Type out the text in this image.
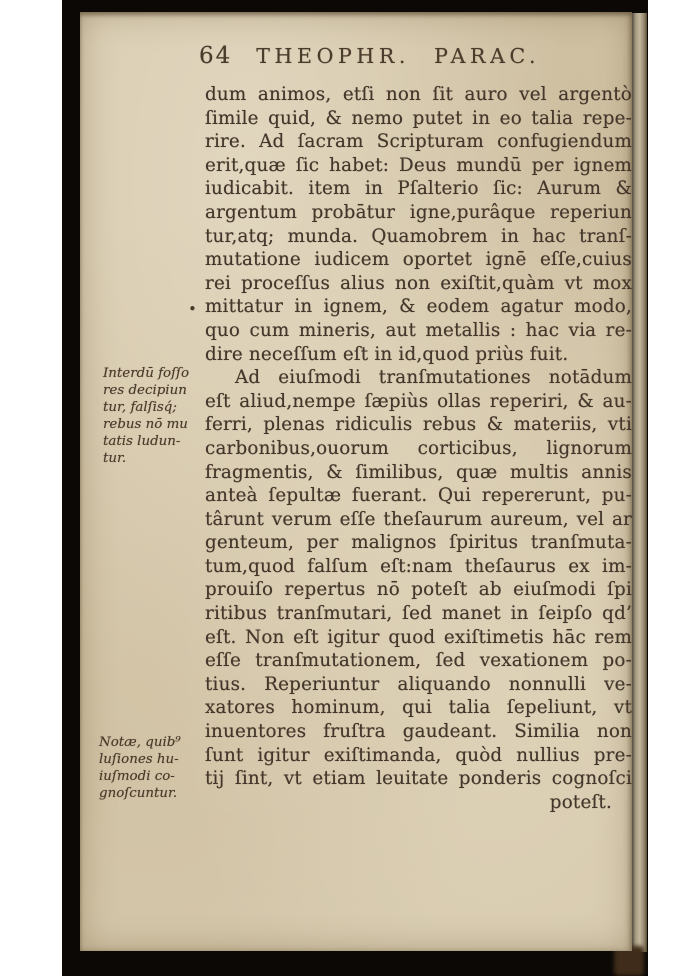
64 THEOPHR. PARAC.
•
dum animos, etſi non ſit auro vel argentò
ſimile quid, & nemo putet in eo talia repe-
rire. Ad ſacram Scripturam confugiendum
erit,quæ ſic habet: Deus mundū per ignem
iudicabit. item in Pſalterio ſic: Aurum &
argentum probātur igne,purâque reperiun
tur,atq; munda. Quamobrem in hac tranſ-
mutatione iudicem oportet ignē eſſe,cuius
rei proceſſus alius non exiſtit,quàm vt mox
mittatur in ignem, & eodem agatur modo,
quo cum mineris, aut metallis : hac via re-
dire neceſſum eſt in id,quod priùs fuit.
Ad eiuſmodi tranſmutationes notādum
eſt aliud,nempe ſæpiùs ollas reperiri, & au-
ferri, plenas ridiculis rebus & materiis, vti
carbonibus,ouorum corticibus, lignorum
fragmentis, & ſimilibus, quæ multis annis
anteà ſepultæ fuerant. Qui repererunt, pu-
târunt verum eſſe theſaurum aureum, vel ar
genteum, per malignos ſpiritus tranſmuta-
tum,quod falſum eſt:nam theſaurus ex im-
prouiſo repertus nō poteſt ab eiuſmodi ſpi
ritibus tranſmutari, ſed manet in ſeipſo qd’
eſt. Non eſt igitur quod exiſtimetis hāc rem
eſſe tranſmutationem, ſed vexationem po-
tius. Reperiuntur aliquando nonnulli ve-
xatores hominum, qui talia ſepeliunt, vt
inuentores fruſtra gaudeant. Similia non
ſunt igitur exiſtimanda, quòd nullius pre-
tij ſint, vt etiam leuitate ponderis cognoſci
poteſt.
Interdū foſſo
res decipiun
tur, falſisq́;
rebus nō mu
tatis ludun-
tur.
Notæ, quib⁹
luſiones hu-
iuſmodi co-
gnoſcuntur.
